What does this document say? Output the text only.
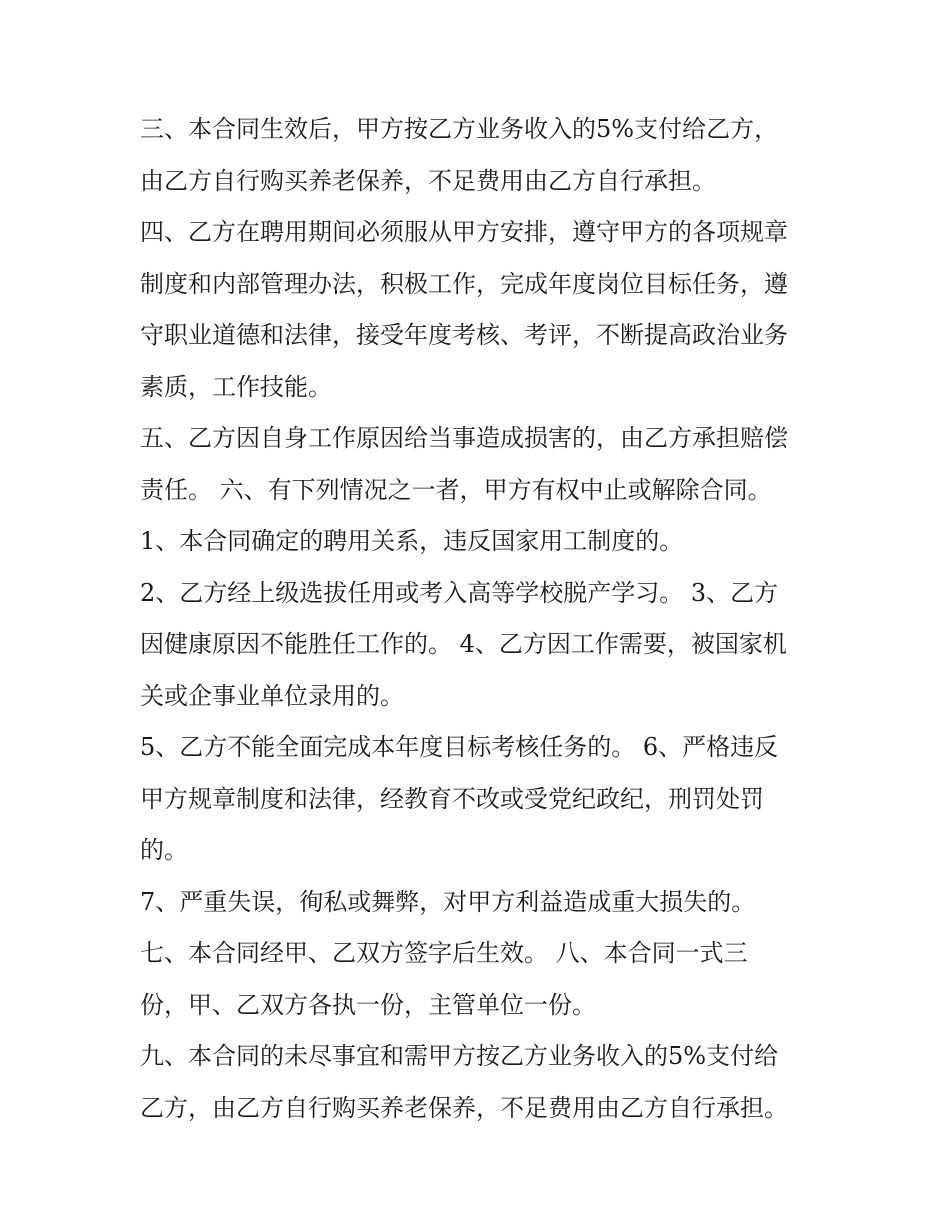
三、本合同生效后，甲方按乙方业务收入的5%支付给乙方，
由乙方自行购买养老保养，不足费用由乙方自行承担。
四、乙方在聘用期间必须服从甲方安排，遵守甲方的各项规章
制度和内部管理办法，积极工作，完成年度岗位目标任务，遵
守职业道德和法律，接受年度考核、考评，不断提高政治业务
素质，工作技能。
五、乙方因自身工作原因给当事造成损害的，由乙方承担赔偿
责任。 六、有下列情况之一者，甲方有权中止或解除合同。
1、本合同确定的聘用关系，违反国家用工制度的。
2、乙方经上级选拔任用或考入高等学校脱产学习。 3、乙方
因健康原因不能胜任工作的。 4、乙方因工作需要，被国家机
关或企事业单位录用的。
5、乙方不能全面完成本年度目标考核任务的。 6、严格违反
甲方规章制度和法律，经教育不改或受党纪政纪，刑罚处罚
的。
7、严重失误，徇私或舞弊，对甲方利益造成重大损失的。
七、本合同经甲、乙双方签字后生效。 八、本合同一式三
份，甲、乙双方各执一份，主管单位一份。
九、本合同的未尽事宜和需甲方按乙方业务收入的5%支付给
乙方，由乙方自行购买养老保养，不足费用由乙方自行承担。
